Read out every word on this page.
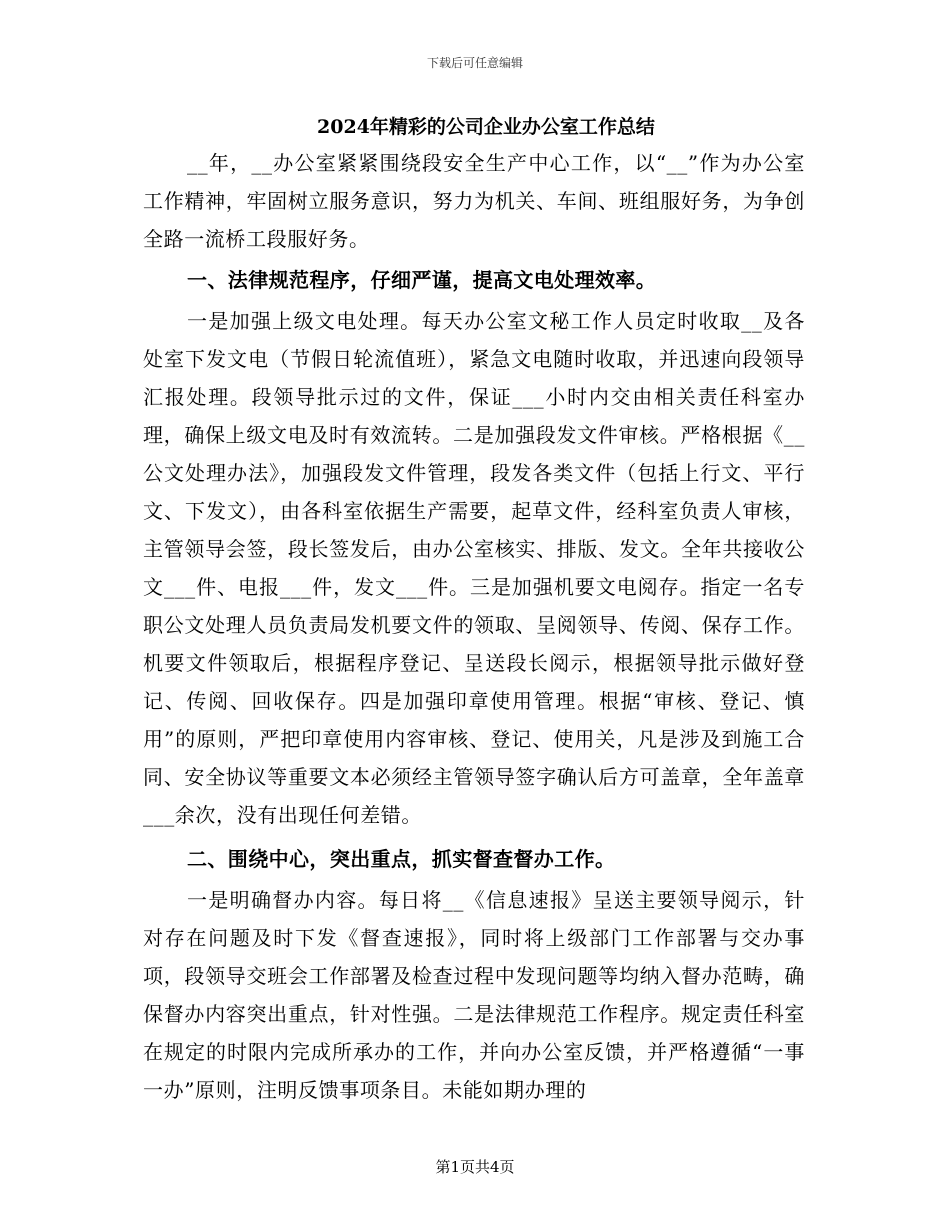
下载后可任意编辑
2024年精彩的公司企业办公室工作总结

__年，__办公室紧紧围绕段安全生产中心工作，以“__”作为办公室工作精神，牢固树立服务意识，努力为机关、车间、班组服好务，为争创全路一流桥工段服好务。

一、法律规范程序，仔细严谨，提高文电处理效率。

一是加强上级文电处理。每天办公室文秘工作人员定时收取__及各处室下发文电（节假日轮流值班），紧急文电随时收取，并迅速向段领导汇报处理。段领导批示过的文件，保证___小时内交由相关责任科室办理，确保上级文电及时有效流转。二是加强段发文件审核。严格根据《__公文处理办法》，加强段发文件管理，段发各类文件（包括上行文、平行文、下发文），由各科室依据生产需要，起草文件，经科室负责人审核，主管领导会签，段长签发后，由办公室核实、排版、发文。全年共接收公文___件、电报___件，发文___件。三是加强机要文电阅存。指定一名专职公文处理人员负责局发机要文件的领取、呈阅领导、传阅、保存工作。机要文件领取后，根据程序登记、呈送段长阅示，根据领导批示做好登记、传阅、回收保存。四是加强印章使用管理。根据“审核、登记、慎用”的原则，严把印章使用内容审核、登记、使用关，凡是涉及到施工合同、安全协议等重要文本必须经主管领导签字确认后方可盖章，全年盖章___余次，没有出现任何差错。

二、围绕中心，突出重点，抓实督查督办工作。

一是明确督办内容。每日将__《信息速报》呈送主要领导阅示，针对存在问题及时下发《督查速报》，同时将上级部门工作部署与交办事项，段领导交班会工作部署及检查过程中发现问题等均纳入督办范畴，确保督办内容突出重点，针对性强。二是法律规范工作程序。规定责任科室在规定的时限内完成所承办的工作，并向办公室反馈，并严格遵循“一事一办”原则，注明反馈事项条目。未能如期办理的

第1页共4页
